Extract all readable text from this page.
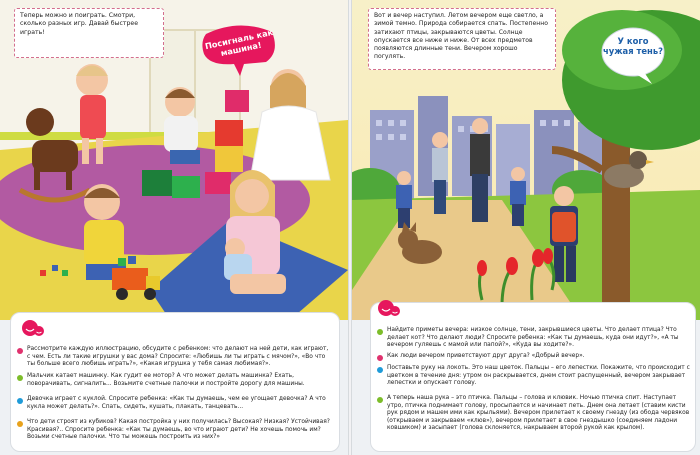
Теперь можно и поиграть. Смотри, сколько разных игр. Давай быстрее играть!	Посигналь как машина!
Рассмотрите каждую иллюстрацию, обсудите с ребенком: что делают на ней дети, как играют, с чем. Есть ли такие игрушки у вас дома? Спросите: «Любишь ли ты играть с мячом?», «Во что ты больше всего любишь играть?», «Какая игрушка у тебя самая любимая?».
Мальчик катает машинку. Как гудит ее мотор? А что может делать машинка? Ехать, поворачивать, сигналить... Возьмите счетные палочки и постройте дорогу для машины.
Девочка играет с куклой. Спросите ребенка: «Как ты думаешь, чем ее угощает девочка? А что кукла может делать?». Спать, сидеть, кушать, плакать, танцевать...
Что дети строят из кубиков? Какая постройка у них получилась? Высокая? Низкая? Устойчивая? Красивая?.. Спросите ребенка: «Как ты думаешь, во что играют дети? Не хочешь помочь им? Возьми счетные палочки. Что ты можешь построить из них?»
Вот и вечер наступил. Летом вечером еще светло, а зимой темно. Природа собирается спать. Постепенно затихают птицы, закрываются цветы. Солнце опускается все ниже и ниже. От всех предметов появляются длинные тени. Вечером хорошо погулять.
У кого чужая тень?
Найдите приметы вечера: низкое солнце, тени, закрывшиеся цветы. Что делает птица? Что делает кот? Что делают люди? Спросите ребенка: «Как ты думаешь, куда они идут?», «А ты вечером гуляешь с мамой или папой?», «Куда вы ходите?».
Как люди вечером приветствуют друг друга? «Добрый вечер».
Поставьте руку на локоть. Это наш цветок. Пальцы – его лепестки. Покажите, что происходит с цветком в течение дня: утром он раскрывается, днем стоит распущенный, вечером закрывает лепестки и опускает голову.
А теперь наша рука – это птичка. Пальцы – голова и клювик. Ночью птичка спит. Наступает утро, птичка поднимает голову, просыпается и начинает петь. Днем она летает (ставим кисти рук рядом и машем ими как крыльями). Вечером прилетает к своему гнезду (из обода червяков (открываем и закрываем «клюв»), вечером прилетает в свое гнездышко (соединяем ладони ковшиком) и засыпает (голова склоняется, накрываем второй рукой как крылом).
